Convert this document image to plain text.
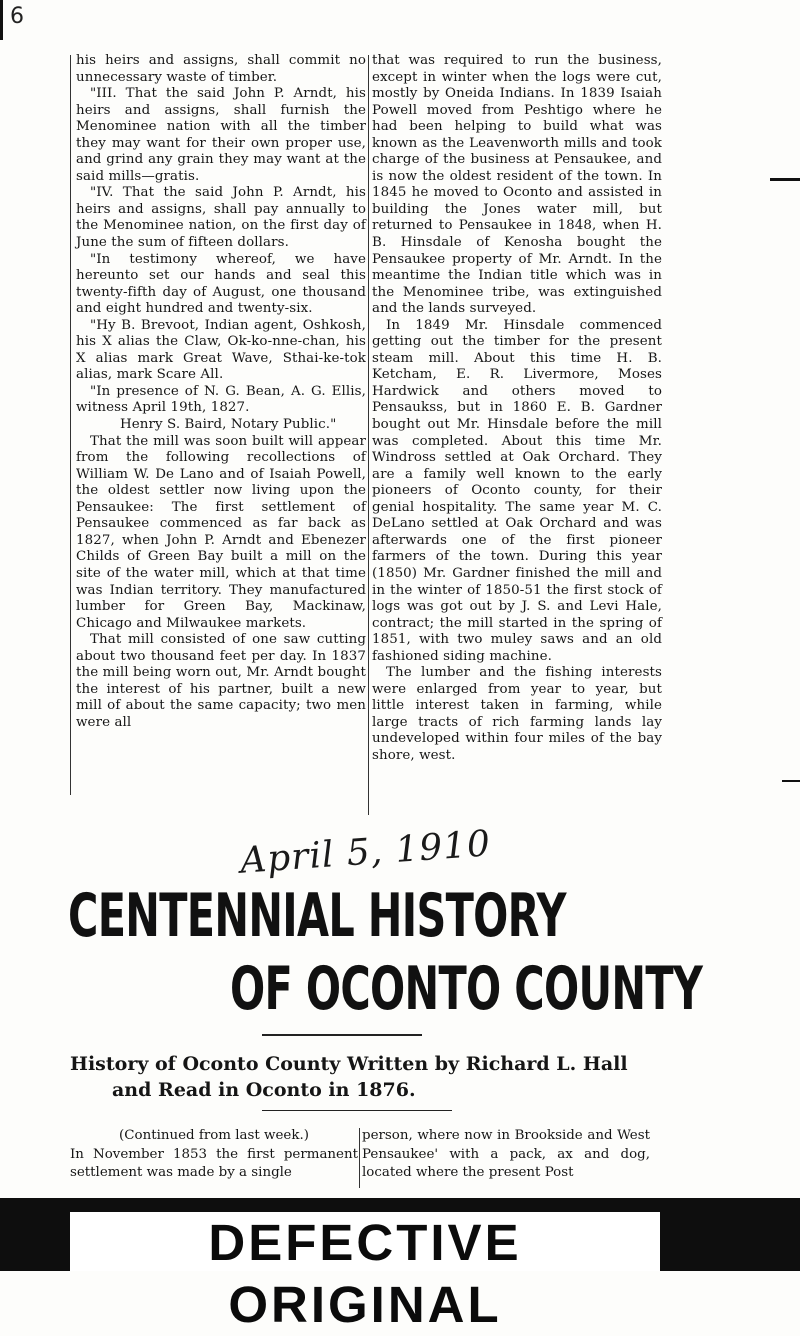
6

his heirs and assigns, shall commit no unnecessary waste of timber.

"III. That the said John P. Arndt, his heirs and assigns, shall furnish the Menominee nation with all the timber they may want for their own proper use, and grind any grain they may want at the said mills—gratis.

"IV. That the said John P. Arndt, his heirs and assigns, shall pay annually to the Menominee nation, on the first day of June the sum of fifteen dollars.

"In testimony whereof, we have hereunto set our hands and seal this twenty-fifth day of August, one thousand and eight hundred and twenty-six.

"Hy B. Brevoot, Indian agent, Oshkosh, his X alias the Claw, Ok-ko-nne-chan, his X alias mark Great Wave, Sthai-ke-tok alias, mark Scare All.

"In presence of N. G. Bean, A. G. Ellis, witness April 19th, 1827.

Henry S. Baird, Notary Public."

That the mill was soon built will appear from the following recollections of William W. De Lano and of Isaiah Powell, the oldest settler now living upon the Pensaukee: The first settlement of Pensaukee commenced as far back as 1827, when John P. Arndt and Ebenezer Childs of Green Bay built a mill on the site of the water mill, which at that time was Indian territory. They manufactured lumber for Green Bay, Mackinaw, Chicago and Milwaukee markets.

That mill consisted of one saw cutting about two thousand feet per day. In 1837 the mill being worn out, Mr. Arndt bought the interest of his partner, built a new mill of about the same capacity; two men were all

that was required to run the business, except in winter when the logs were cut, mostly by Oneida Indians. In 1839 Isaiah Powell moved from Peshtigo where he had been helping to build what was known as the Leavenworth mills and took charge of the business at Pensaukee, and is now the oldest resident of the town. In 1845 he moved to Oconto and assisted in building the Jones water mill, but returned to Pensaukee in 1848, when H. B. Hinsdale of Kenosha bought the Pensaukee property of Mr. Arndt. In the meantime the Indian title which was in the Menominee tribe, was extinguished and the lands surveyed.

In 1849 Mr. Hinsdale commenced getting out the timber for the present steam mill. About this time H. B. Ketcham, E. R. Livermore, Moses Hardwick and others moved to Pensaukss, but in 1860 E. B. Gardner bought out Mr. Hinsdale before the mill was completed. About this time Mr. Windross settled at Oak Orchard. They are a family well known to the early pioneers of Oconto county, for their genial hospitality. The same year M. C. DeLano settled at Oak Orchard and was afterwards one of the first pioneer farmers of the town. During this year (1850) Mr. Gardner finished the mill and in the winter of 1850-51 the first stock of logs was got out by J. S. and Levi Hale, contract; the mill started in the spring of 1851, with two muley saws and an old fashioned siding machine.

The lumber and the fishing interests were enlarged from year to year, but little interest taken in farming, while large tracts of rich farming lands lay undeveloped within four miles of the bay shore, west.

April 5, 1910
CENTENNIAL HISTORY
OF OCONTO COUNTY
History of Oconto County Written by Richard L. Hall
and Read in Oconto in 1876.

(Continued from last week.)

In November 1853 the first permanent settlement was made by a single

person, where now in Brookside and West Pensaukee' with a pack, ax and dog, located where the present Post

DEFECTIVE ORIGINAL
